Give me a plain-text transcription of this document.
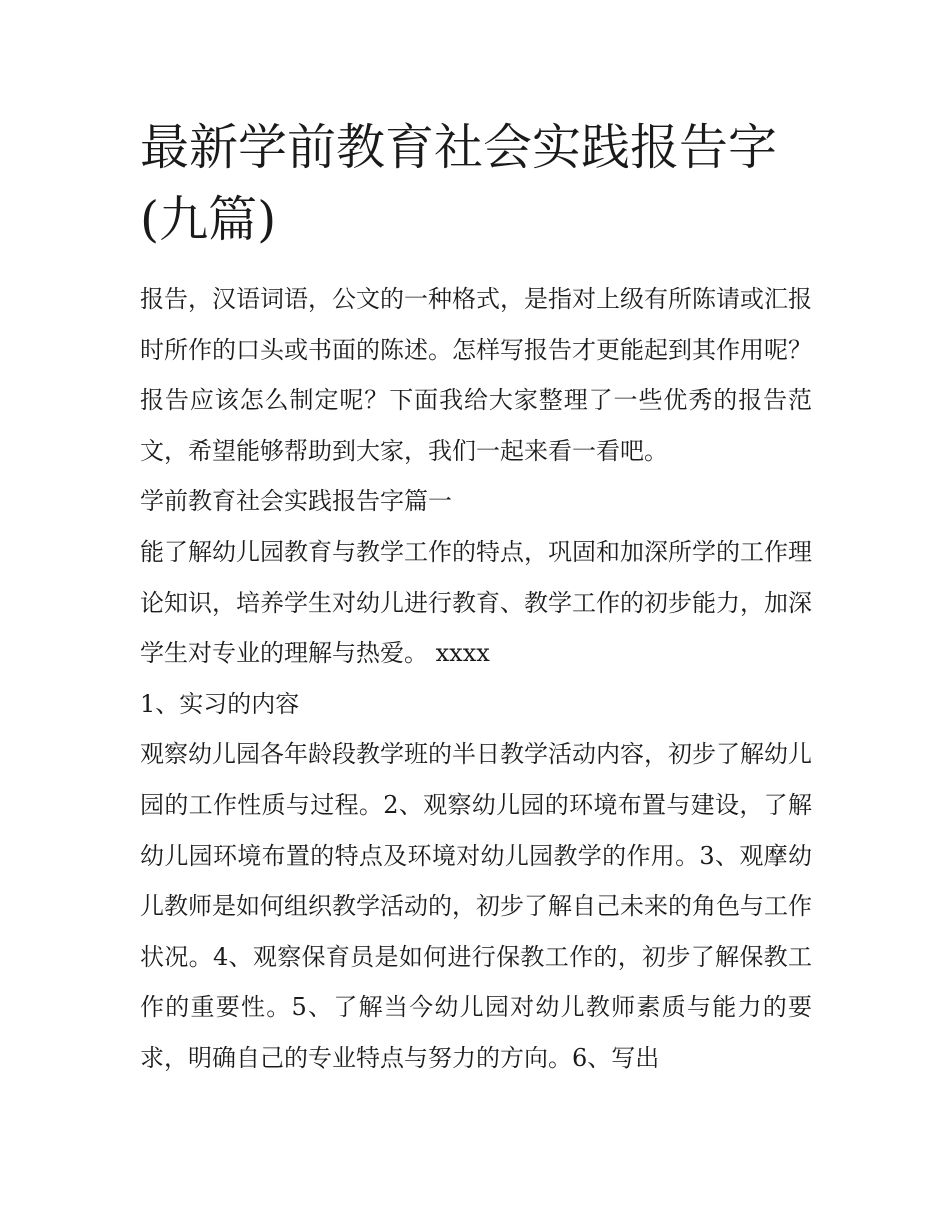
最新学前教育社会实践报告字(九篇)

报告，汉语词语，公文的一种格式，是指对上级有所陈请或汇报时所作的口头或书面的陈述。怎样写报告才更能起到其作用呢？报告应该怎么制定呢？下面我给大家整理了一些优秀的报告范文，希望能够帮助到大家，我们一起来看一看吧。

学前教育社会实践报告字篇一

能了解幼儿园教育与教学工作的特点，巩固和加深所学的工作理论知识，培养学生对幼儿进行教育、教学工作的初步能力，加深学生对专业的理解与热爱。 xxxx

1、实习的内容

观察幼儿园各年龄段教学班的半日教学活动内容，初步了解幼儿园的工作性质与过程。2、观察幼儿园的环境布置与建设，了解幼儿园环境布置的特点及环境对幼儿园教学的作用。3、观摩幼儿教师是如何组织教学活动的，初步了解自己未来的角色与工作状况。4、观察保育员是如何进行保教工作的，初步了解保教工作的重要性。5、了解当今幼儿园对幼儿教师素质与能力的要求，明确自己的专业特点与努力的方向。6、写出
